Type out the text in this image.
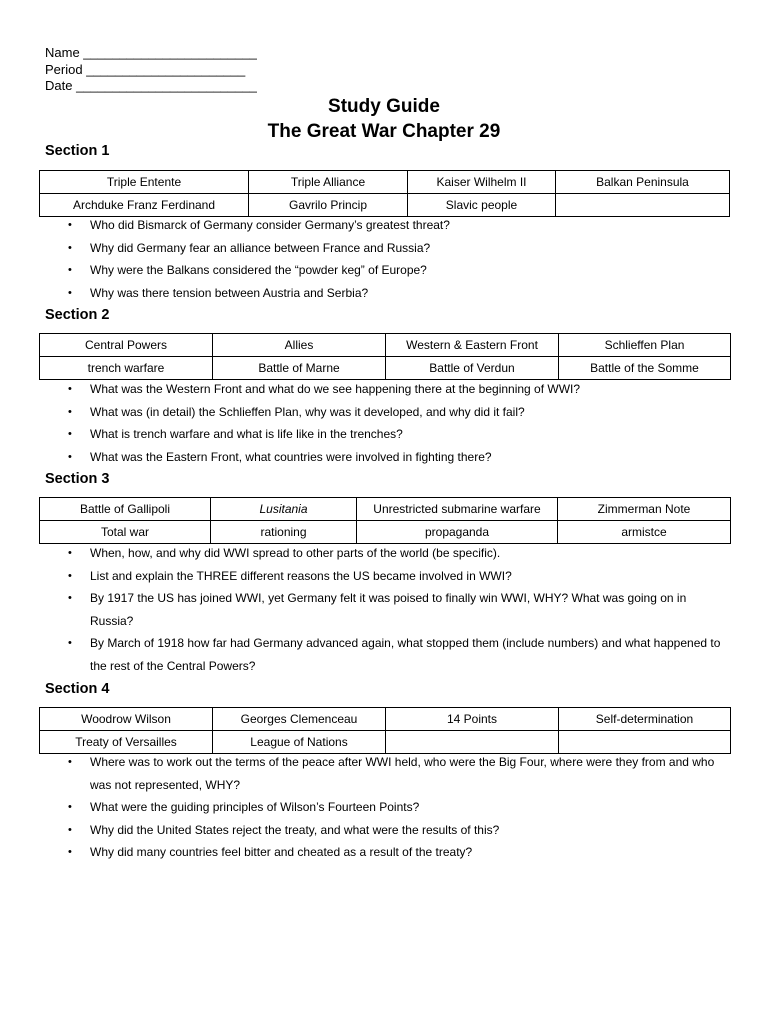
Name ________________________
Period ______________________
Date _________________________
Study Guide
The Great War Chapter 29
Section 1
Triple Entente	Triple Alliance	Kaiser Wilhelm II	Balkan Peninsula
Archduke Franz Ferdinand	Gavrilo Princip	Slavic people	
• Who did Bismarck of Germany consider Germany’s greatest threat?
• Why did Germany fear an alliance between France and Russia?
• Why were the Balkans considered the “powder keg” of Europe?
• Why was there tension between Austria and Serbia?
Section 2
Central Powers	Allies	Western & Eastern Front	Schlieffen Plan
trench warfare	Battle of Marne	Battle of Verdun	Battle of the Somme
• What was the Western Front and what do we see happening there at the beginning of WWI?
• What was (in detail) the Schlieffen Plan, why was it developed, and why did it fail?
• What is trench warfare and what is life like in the trenches?
• What was the Eastern Front, what countries were involved in fighting there?
Section 3
Battle of Gallipoli	Lusitania	Unrestricted submarine warfare	Zimmerman Note
Total war	rationing	propaganda	armistce
• When, how, and why did WWI spread to other parts of the world (be specific).
• List and explain the THREE different reasons the US became involved in WWI?
• By 1917 the US has joined WWI, yet Germany felt it was poised to finally win WWI, WHY? What was going on in Russia?
• By March of 1918 how far had Germany advanced again, what stopped them (include numbers) and what happened to the rest of the Central Powers?
Section 4
Woodrow Wilson	Georges Clemenceau	14 Points	Self-determination
Treaty of Versailles	League of Nations		
• Where was to work out the terms of the peace after WWI held, who were the Big Four, where were they from and who was not represented, WHY?
• What were the guiding principles of Wilson’s Fourteen Points?
• Why did the United States reject the treaty, and what were the results of this?
• Why did many countries feel bitter and cheated as a result of the treaty?
